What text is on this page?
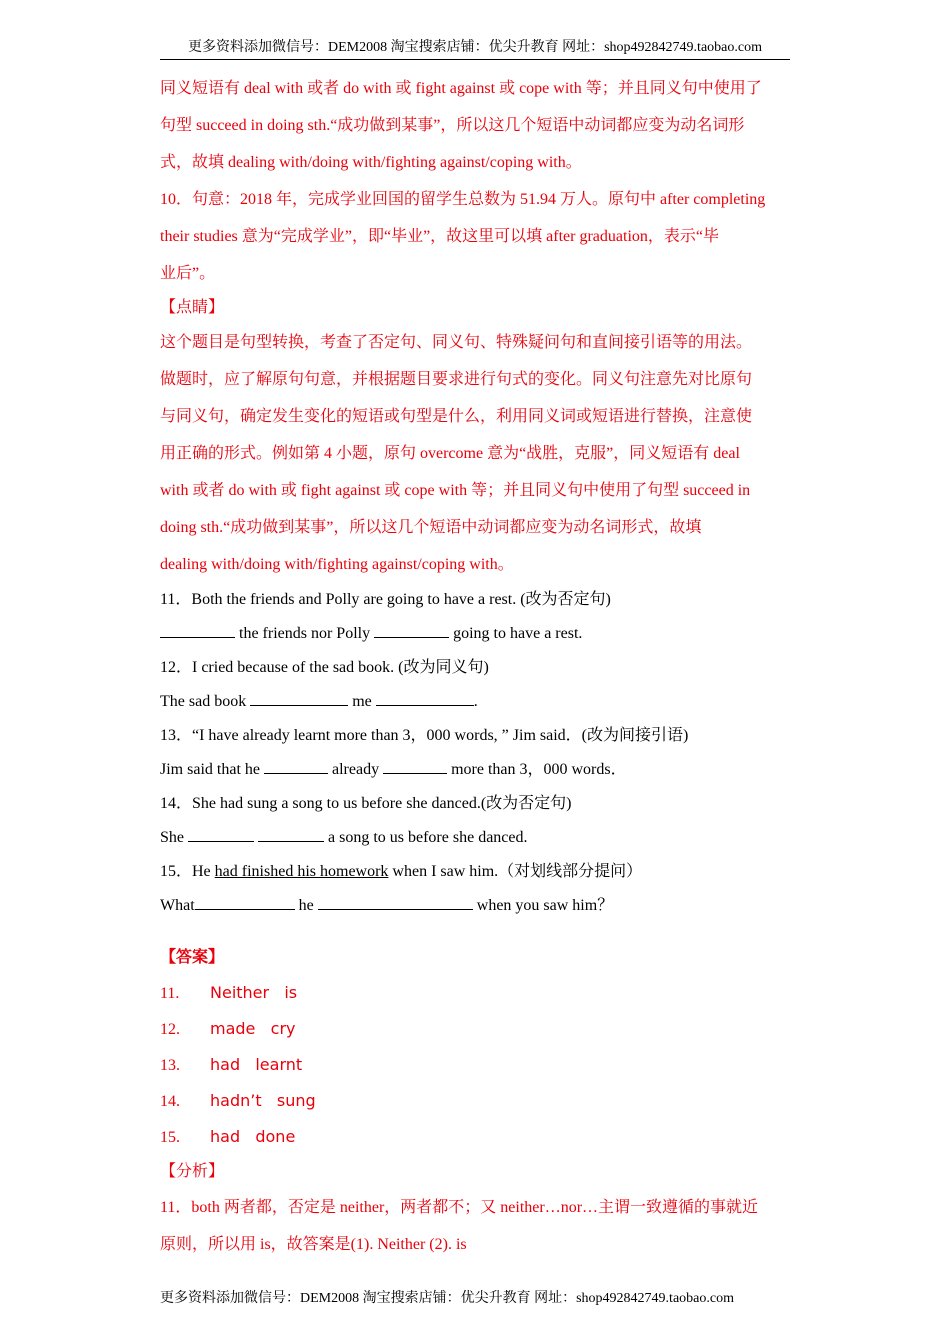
更多资料添加微信号：DEM2008 淘宝搜索店铺：优尖升教育 网址：shop492842749.taobao.com
同义短语有 deal with 或者 do with 或 fight against 或 cope with 等；并且同义句中使用了
句型 succeed in doing sth.“成功做到某事”，所以这几个短语中动词都应变为动名词形
式，故填 dealing with/doing with/fighting against/coping with。
10．句意：2018 年，完成学业回国的留学生总数为 51.94 万人。原句中 after completing
their studies 意为“完成学业”，即“毕业”，故这里可以填 after graduation，表示“毕
业后”。
【点睛】
这个题目是句型转换，考查了否定句、同义句、特殊疑问句和直间接引语等的用法。
做题时，应了解原句句意，并根据题目要求进行句式的变化。同义句注意先对比原句
与同义句，确定发生变化的短语或句型是什么，利用同义词或短语进行替换，注意使
用正确的形式。例如第 4 小题，原句 overcome 意为“战胜，克服”，同义短语有 deal
with 或者 do with 或 fight against 或 cope with 等；并且同义句中使用了句型 succeed in
doing sth.“成功做到某事”，所以这几个短语中动词都应变为动名词形式，故填
dealing with/doing with/fighting against/coping with。
11．Both the friends and Polly are going to have a rest. (改为否定句)
the friends nor Polly	going to have a rest.
12．I cried because of the sad book. (改为同义句)
The sad book	me	.
13．“I have already learnt more than 3，000 words, ” Jim said．(改为间接引语)
Jim said that he	already	more than 3，000 words．
14．She had sung a song to us before she danced.(改为否定句)
She	a song to us before she danced.
15．He had finished his homework when I saw him.（对划线部分提问）
What	he	when you saw him？
【答案】
11. Neither   is
12. made   cry
13. had   learnt
14. hadn’t   sung
15. had   done
【分析】
11．both 两者都，否定是 neither，两者都不；又 neither…nor…主谓一致遵循的事就近
原则，所以用 is，故答案是(1). Neither (2). is
更多资料添加微信号：DEM2008 淘宝搜索店铺：优尖升教育 网址：shop492842749.taobao.com
